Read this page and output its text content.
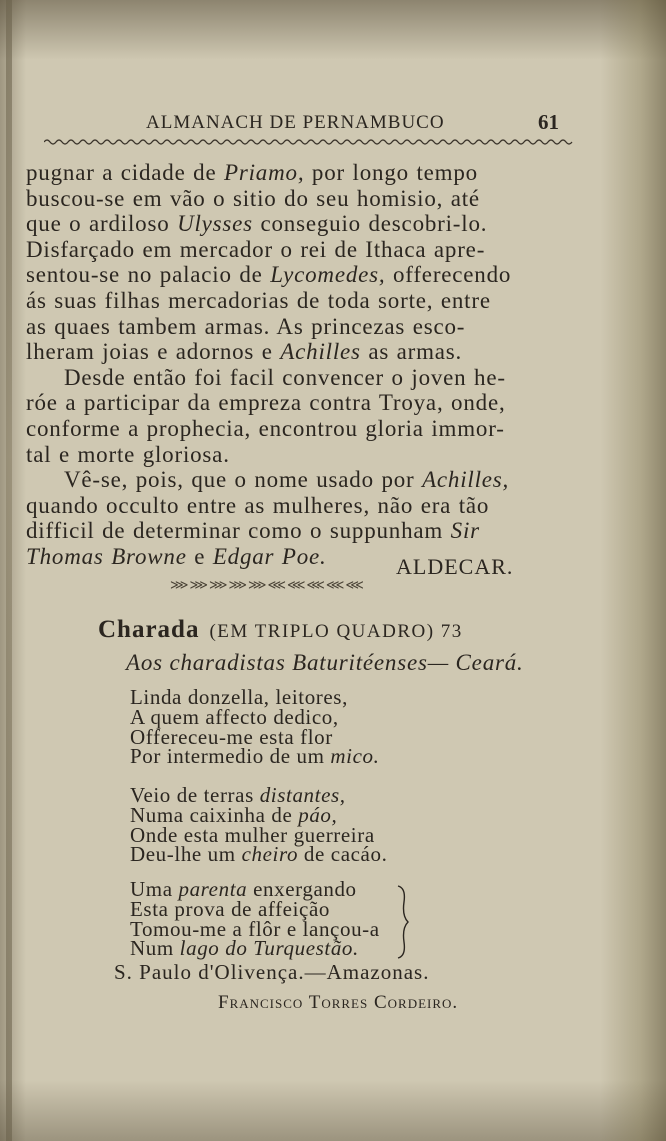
ALMANACH DE PERNAMBUCO	61
pugnar a cidade de Priamo, por longo tempo
buscou-se em vão o sitio do seu homisio, até
que o ardiloso Ulysses conseguio descobri-lo.
Disfarçado em mercador o rei de Ithaca apre-
sentou-se no palacio de Lycomedes, offerecendo
ás suas filhas mercadorias de toda sorte, entre
as quaes tambem armas. As princezas esco-
lheram joias e adornos e Achilles as armas.
Desde então foi facil convencer o joven he-
róe a participar da empreza contra Troya, onde,
conforme a prophecia, encontrou gloria immor-
tal e morte gloriosa.
Vê-se, pois, que o nome usado por Achilles,
quando occulto entre as mulheres, não era tão
difficil de determinar como o suppunham Sir
Thomas Browne e Edgar Poe.	ALDECAR.
⋙⋙⋙⋙⋙⋘⋘⋘⋘⋘
Charada (EM TRIPLO QUADRO) 73
Aos charadistas Baturitéenses— Ceará.
Linda donzella, leitores,
A quem affecto dedico,
Offereceu-me esta flor
Por intermedio de um mico.
Veio de terras distantes,
Numa caixinha de páo,
Onde esta mulher guerreira
Deu-lhe um cheiro de cacáo.
Uma parenta enxergando
Esta prova de affeição
Tomou-me a flôr e lançou-a
Num lago do Turquestão.
S. Paulo d'Olivença.—Amazonas.
Francisco Torres Cordeiro.
